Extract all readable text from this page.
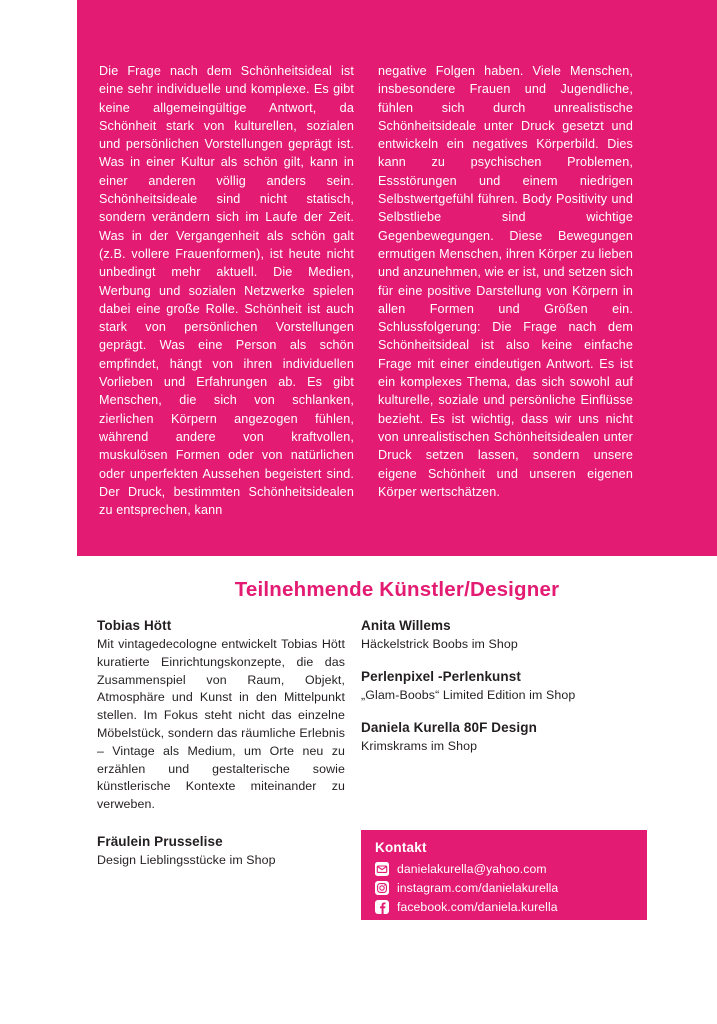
Die Frage nach dem Schönheitsideal ist eine sehr individuelle und komplexe. Es gibt keine allgemeingültige Antwort, da Schönheit stark von kulturellen, sozialen und persönlichen Vorstellungen geprägt ist. Was in einer Kultur als schön gilt, kann in einer anderen völlig anders sein. Schönheitsideale sind nicht statisch, sondern verändern sich im Laufe der Zeit. Was in der Vergangenheit als schön galt (z.B. vollere Frauenformen), ist heute nicht unbedingt mehr aktuell. Die Medien, Werbung und sozialen Netzwerke spielen dabei eine große Rolle. Schönheit ist auch stark von persönlichen Vorstellungen geprägt. Was eine Person als schön empfindet, hängt von ihren individuellen Vorlieben und Erfahrungen ab. Es gibt Menschen, die sich von schlanken, zierlichen Körpern angezogen fühlen, während andere von kraftvollen, muskulösen Formen oder von natürlichen oder unperfekten Aussehen begeistert sind. Der Druck, bestimmten Schönheitsidealen zu entsprechen, kann
negative Folgen haben. Viele Menschen, insbesondere Frauen und Jugendliche, fühlen sich durch unrealistische Schönheitsideale unter Druck gesetzt und entwickeln ein negatives Körperbild. Dies kann zu psychischen Problemen, Essstörungen und einem niedrigen Selbstwertgefühl führen. Body Positivity und Selbstliebe sind wichtige Gegenbewegungen. Diese Bewegungen ermutigen Menschen, ihren Körper zu lieben und anzunehmen, wie er ist, und setzen sich für eine positive Darstellung von Körpern in allen Formen und Größen ein. Schlussfolgerung: Die Frage nach dem Schönheitsideal ist also keine einfache Frage mit einer eindeutigen Antwort. Es ist ein komplexes Thema, das sich sowohl auf kulturelle, soziale und persönliche Einflüsse bezieht. Es ist wichtig, dass wir uns nicht von unrealistischen Schönheitsidealen unter Druck setzen lassen, sondern unsere eigene Schönheit und unseren eigenen Körper wertschätzen.
Teilnehmende Künstler/Designer
Tobias Hött
Mit vintagedecologne entwickelt Tobias Hött kuratierte Einrichtungskonzepte, die das Zusammenspiel von Raum, Objekt, Atmosphäre und Kunst in den Mittelpunkt stellen. Im Fokus steht nicht das einzelne Möbelstück, sondern das räumliche Erlebnis – Vintage als Medium, um Orte neu zu erzählen und gestalterische sowie künstlerische Kontexte miteinander zu verweben.
Fräulein Prusselise
Design Lieblingsstücke im Shop
Anita Willems
Häckelstrick Boobs im Shop
Perlenpixel -Perlenkunst
„Glam-Boobs“ Limited Edition im Shop
Daniela Kurella 80F Design
Krimskrams im Shop
Kontakt
danielakurella@yahoo.com
instagram.com/danielakurella
facebook.com/daniela.kurella
